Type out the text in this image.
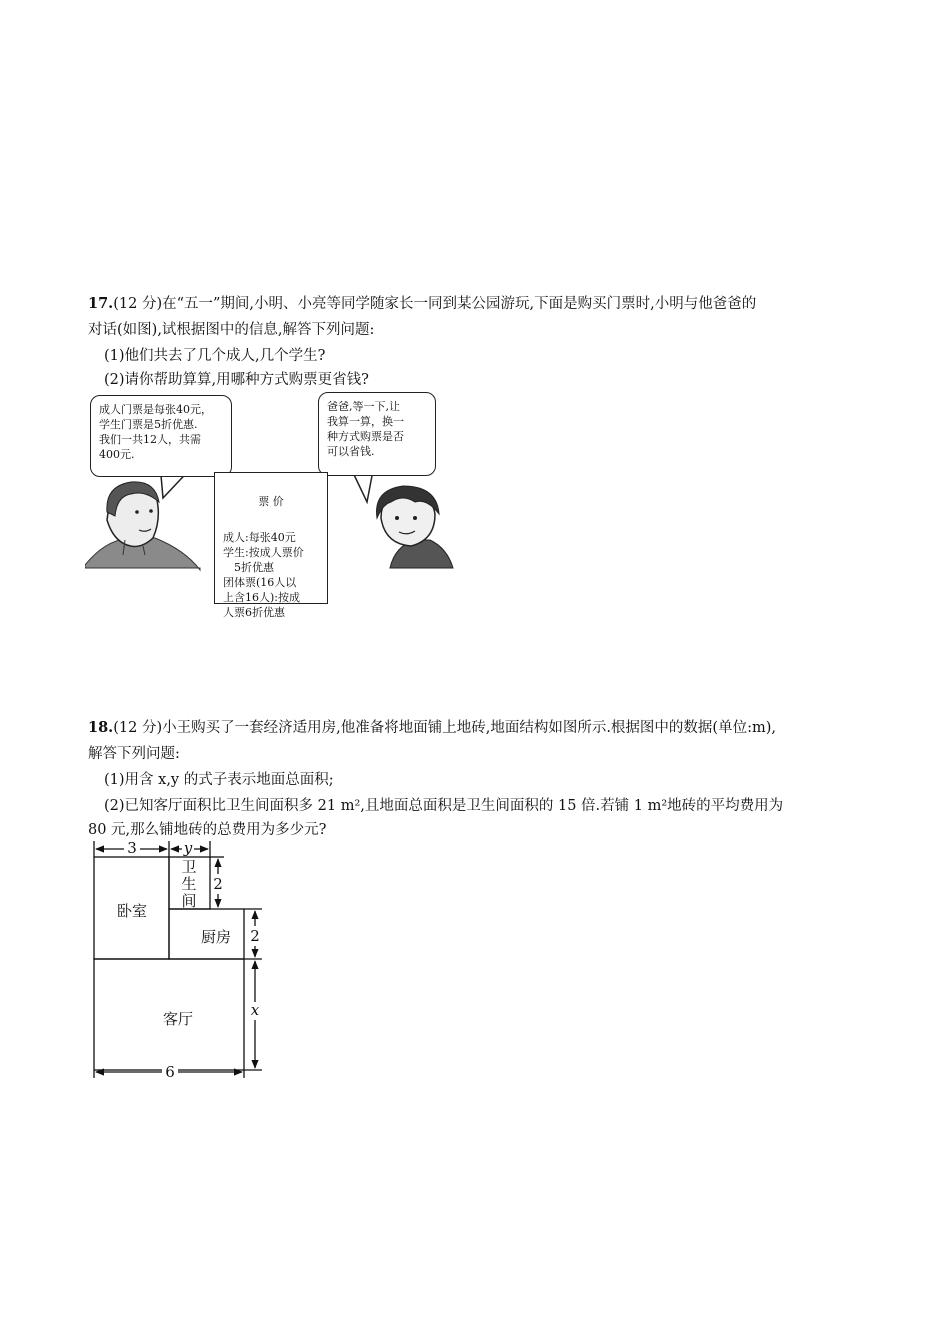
17.(12 分)在“五一”期间,小明、小亮等同学随家长一同到某公园游玩,下面是购买门票时,小明与他爸爸的
对话(如图),试根据图中的信息,解答下列问题:
(1)他们共去了几个成人,几个学生?
(2)请你帮助算算,用哪种方式购票更省钱?
成人门票是每张40元，
学生门票是5折优惠.
我们一共12人，共需
400元.
爸爸,等一下,让
我算一算，换一
种方式购票是否
可以省钱.

票 价

成人:每张40元
学生:按成人票价
　5折优惠
团体票(16人以
上含16人):按成
人票6折优惠

18.(12 分)小王购买了一套经济适用房,他准备将地面铺上地砖,地面结构如图所示.根据图中的数据(单位:m),
解答下列问题:
(1)用含 x,y 的式子表示地面总面积;
(2)已知客厅面积比卫生间面积多 21 m²,且地面总面积是卫生间面积的 15 倍.若铺 1 m²地砖的平均费用为
80 元,那么铺地砖的总费用为多少元?
卧室
卫
生
间
厨房
客厅
3	y
2
2
x
6
